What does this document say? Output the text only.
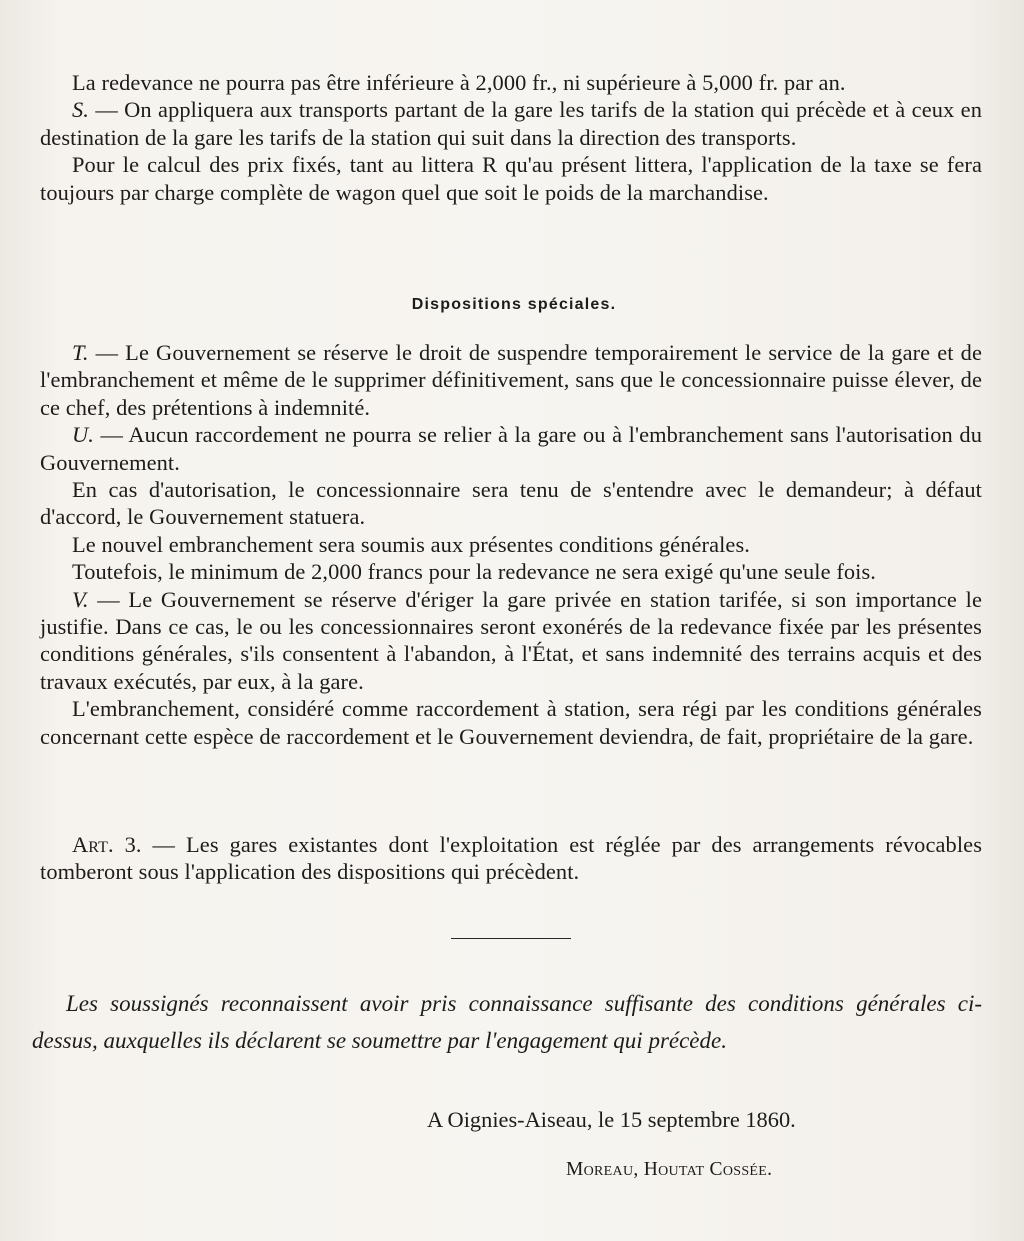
La redevance ne pourra pas être inférieure à 2,000 fr., ni supérieure à 5,000 fr. par an.

S. — On appliquera aux transports partant de la gare les tarifs de la station qui précède et à ceux en destination de la gare les tarifs de la station qui suit dans la direction des transports.

Pour le calcul des prix fixés, tant au littera R qu'au présent littera, l'application de la taxe se fera toujours par charge complète de wagon quel que soit le poids de la marchandise.

Dispositions spéciales.

T. — Le Gouvernement se réserve le droit de suspendre temporairement le service de la gare et de l'embranchement et même de le supprimer définitivement, sans que le concessionnaire puisse élever, de ce chef, des prétentions à indemnité.

U. — Aucun raccordement ne pourra se relier à la gare ou à l'embranchement sans l'autorisation du Gouvernement.

En cas d'autorisation, le concessionnaire sera tenu de s'entendre avec le demandeur; à défaut d'accord, le Gouvernement statuera.

Le nouvel embranchement sera soumis aux présentes conditions générales.

Toutefois, le minimum de 2,000 francs pour la redevance ne sera exigé qu'une seule fois.

V. — Le Gouvernement se réserve d'ériger la gare privée en station tarifée, si son importance le justifie. Dans ce cas, le ou les concessionnaires seront exonérés de la redevance fixée par les présentes conditions générales, s'ils consentent à l'abandon, à l'État, et sans indemnité des terrains acquis et des travaux exécutés, par eux, à la gare.

L'embranchement, considéré comme raccordement à station, sera régi par les conditions générales concernant cette espèce de raccordement et le Gouvernement deviendra, de fait, propriétaire de la gare.

Art. 3. — Les gares existantes dont l'exploitation est réglée par des arrangements révocables tomberont sous l'application des dispositions qui précèdent.

Les soussignés reconnaissent avoir pris connaissance suffisante des conditions générales ci-dessus, auxquelles ils déclarent se soumettre par l'engagement qui précède.

A Oignies-Aiseau, le 15 septembre 1860.

Moreau, Houtat Cossée.
